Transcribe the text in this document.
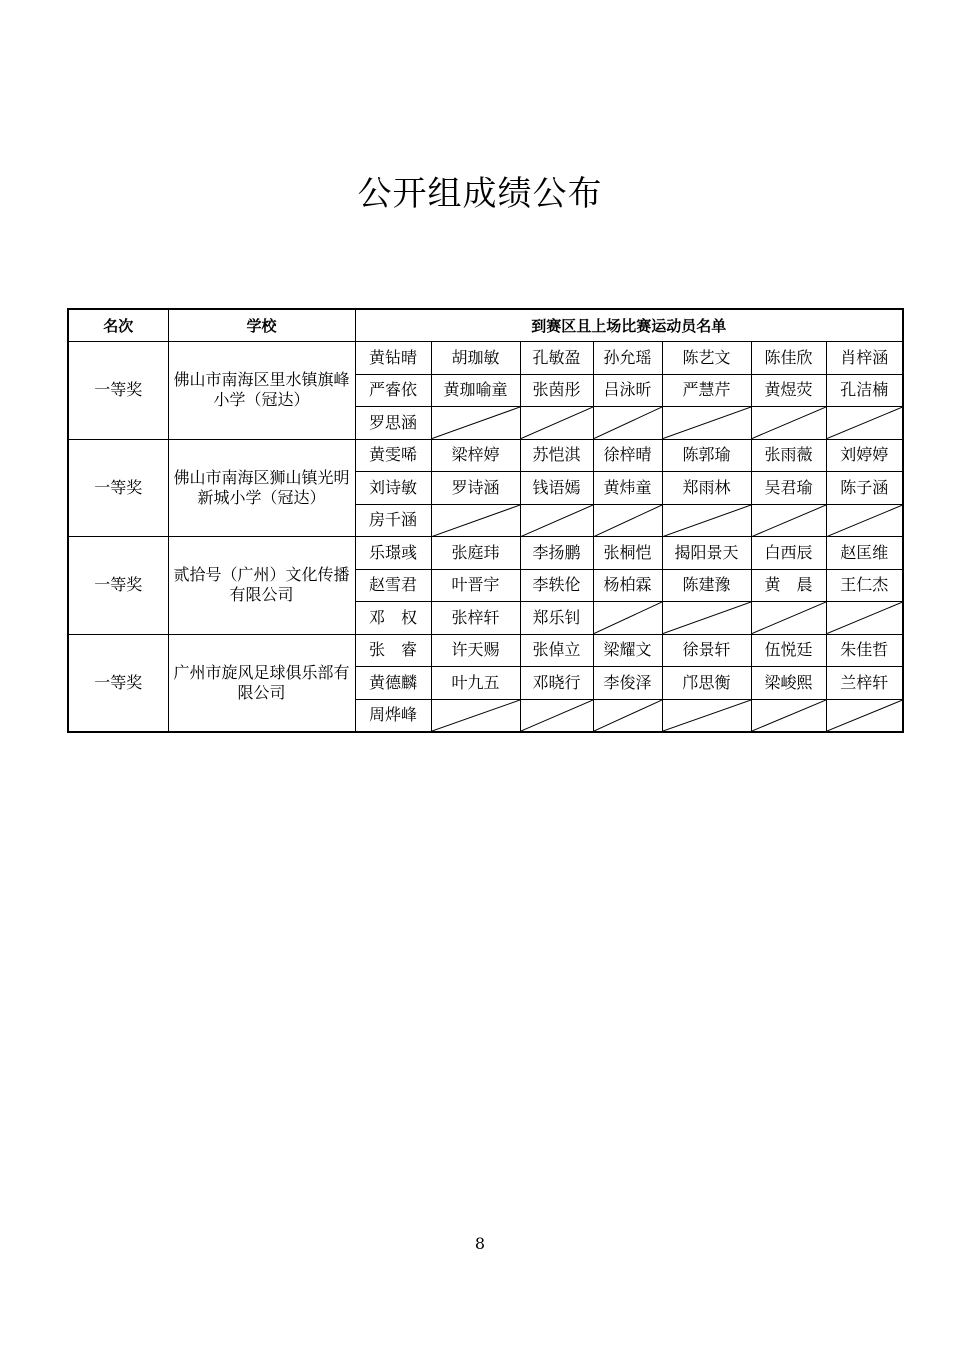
公开组成绩公布
名次	学校	到赛区且上场比赛运动员名单						
一等奖	佛山市南海区里水镇旗峰小学（冠达）	黄钻晴	胡珈敏	孔敏盈	孙允瑶	陈艺文	陈佳欣	肖梓涵
		严睿依	黄珈喻童	张茵彤	吕泳昕	严慧芹	黄煜荧	孔洁楠
		罗思涵	

一等奖	佛山市南海区狮山镇光明新城小学（冠达）	黄雯唏	梁梓婷	苏恺淇	徐梓晴	陈郭瑜	张雨薇	刘婷婷
		刘诗敏	罗诗涵	钱语嫣	黄炜童	郑雨林	吴君瑜	陈子涵
		房千涵	

一等奖	贰拾号（广州）文化传播有限公司	乐璟彧	张庭玮	李扬鹏	张桐恺	揭阳景天	白西辰	赵匡维
		赵雪君	叶晋宇	李轶伦	杨柏霖	陈建豫	黄　晨	王仁杰
		邓　权	张梓轩	郑乐钊	

一等奖	广州市旋风足球俱乐部有限公司	张　睿	许天赐	张倬立	梁耀文	徐景轩	伍悦廷	朱佳哲
		黄德麟	叶九五	邓晓行	李俊泽	邝思衡	梁峻熙	兰梓轩
		周烨峰	

8
